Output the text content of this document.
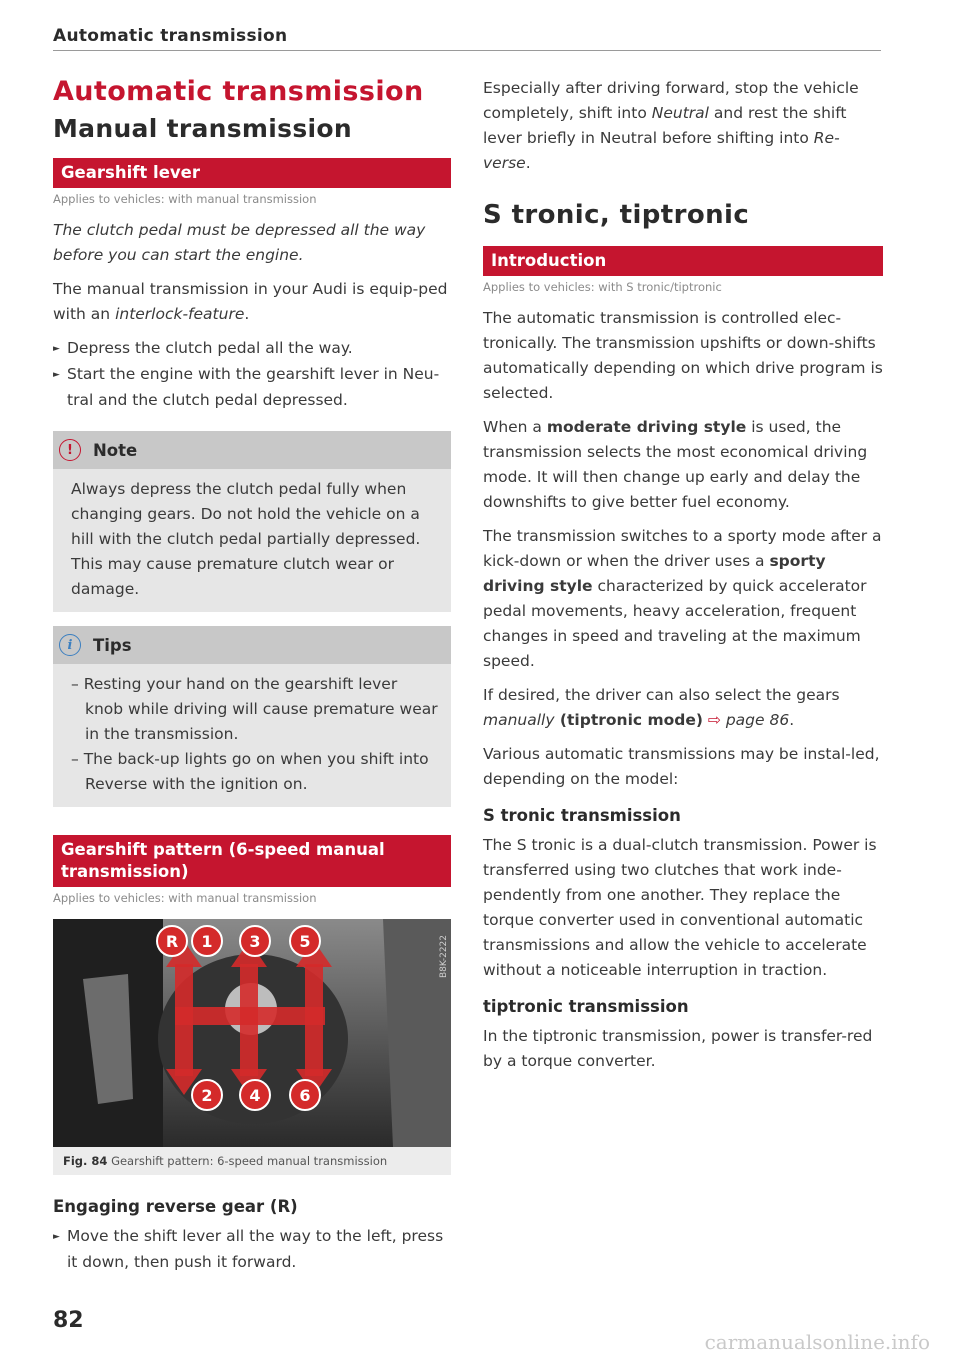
Automatic transmission
Automatic transmission
Manual transmission
Gearshift lever
Applies to vehicles: with manual transmission

The clutch pedal must be depressed all the way before you can start the engine.

The manual transmission in your Audi is equip-ped with an interlock-feature.

► Depress the clutch pedal all the way.
► Start the engine with the gearshift lever in Neu-tral and the clutch pedal depressed.
!	Note
Always depress the clutch pedal fully when changing gears. Do not hold the vehicle on a hill with the clutch pedal partially depressed. This may cause premature clutch wear or damage.
i	Tips
– Resting your hand on the gearshift lever knob while driving will cause premature wear in the transmission.
– The back-up lights go on when you shift into Reverse with the ignition on.
Gearshift pattern (6-speed manual transmission)
Applies to vehicles: with manual transmission
R	1	3	5
2	4	6
B8K-2222
Fig. 84 Gearshift pattern: 6-speed manual transmission
Engaging reverse gear (R)
► Move the shift lever all the way to the left, press it down, then push it forward.

Especially after driving forward, stop the vehicle completely, shift into Neutral and rest the shift lever briefly in Neutral before shifting into Re-verse.

S tronic, tiptronic
Introduction
Applies to vehicles: with S tronic/tiptronic

The automatic transmission is controlled elec-tronically. The transmission upshifts or down-shifts automatically depending on which drive program is selected.

When a moderate driving style is used, the transmission selects the most economical driving mode. It will then change up early and delay the downshifts to give better fuel economy.

The transmission switches to a sporty mode after a kick-down or when the driver uses a sporty driving style characterized by quick accelerator pedal movements, heavy acceleration, frequent changes in speed and traveling at the maximum speed.

If desired, the driver can also select the gears manually (tiptronic mode) ⇨ page 86.

Various automatic transmissions may be instal-led, depending on the model:

S tronic transmission

The S tronic is a dual-clutch transmission. Power is transferred using two clutches that work inde-pendently from one another. They replace the torque converter used in conventional automatic transmissions and allow the vehicle to accelerate without a noticeable interruption in traction.

tiptronic transmission

In the tiptronic transmission, power is transfer-red by a torque converter.

82
carmanualsonline.info
